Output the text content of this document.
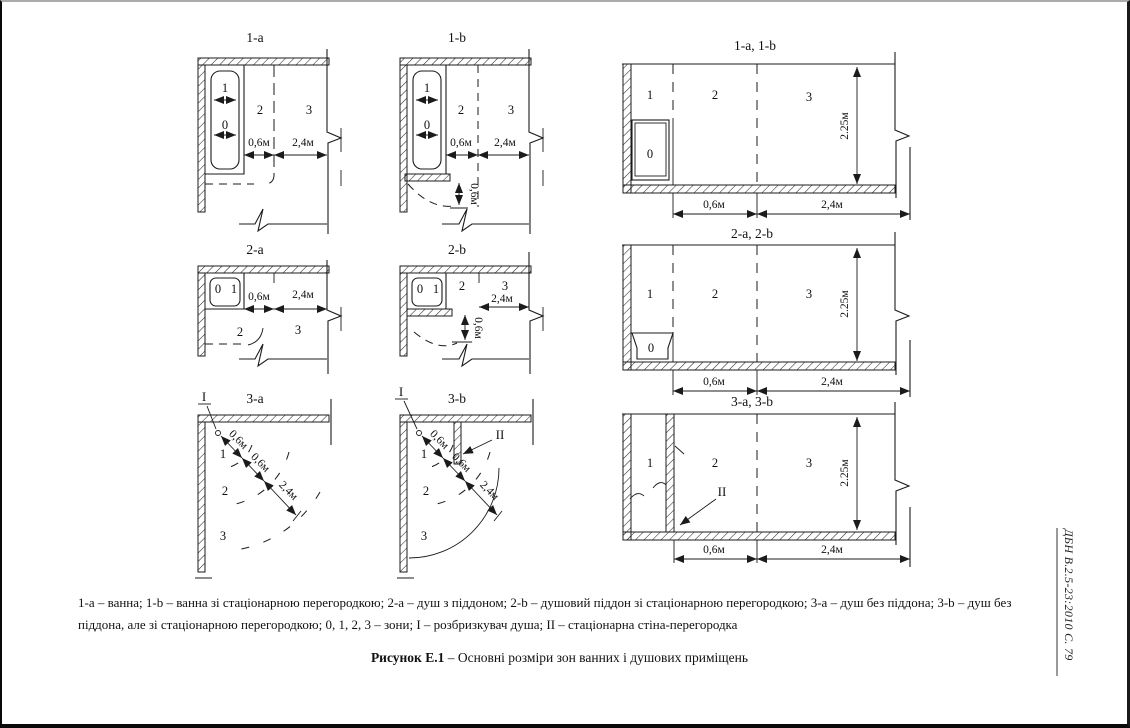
1-a
1
0
2	3
0,6м 2,4м
1-b
1
0
2	3
0,6м 2,4м
0,6м
2-a
0 1
2	3
0,6м 2,4м
2-b
0 1 2	3
2,4м
0,6м
I	3-a
1
2
3
0,6м
0,6м
2,4м
I	3-b
II
1
2
3
0,6м
0,6м
2,4м
1-a, 1-b
1	2	3
0
2.25м
0,6м	2,4м
2-a, 2-b
1	2	3
0
2.25м
0,6м	2,4м
3-a, 3-b
1	2	3
II
2.25м
0,6м	2,4м
1-a – ванна; 1-b – ванна зі стаціонарною перегородкою; 2-a – душ з піддоном; 2-b – душовий піддон зі стаціонарною перегородкою; 3-a – душ без піддона; 3-b – душ без
піддона, але зі стаціонарною перегородкою; 0, 1, 2, 3 – зони; I – розбризкувач душа; II – стаціонарна стіна-перегородка
Рисунок Е.1 – Основні розміри зон ванних і душових приміщень	ДБН В.2.5-23:2010 С. 79
